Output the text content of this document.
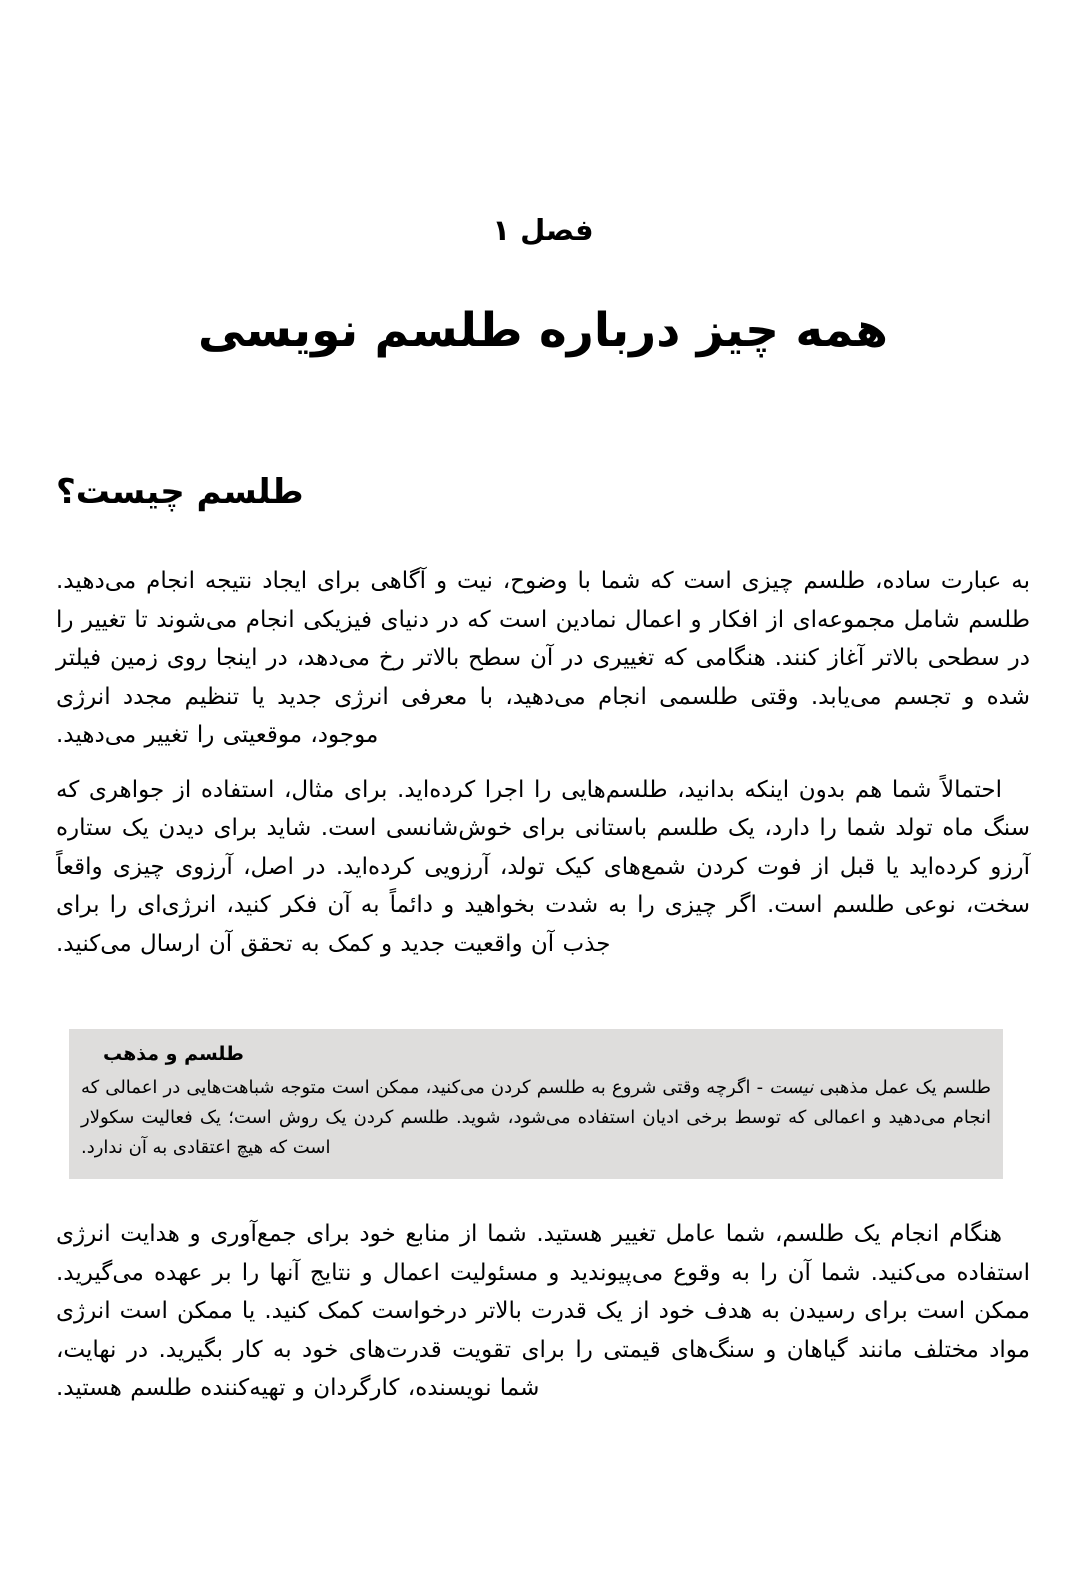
فصل ۱
همه چیز درباره طلسم نویسی
طلسم چیست؟

به عبارت ساده، طلسم چیزی است که شما با وضوح، نیت و آگاهی برای ایجاد نتیجه انجام می‌دهید. طلسم شامل مجموعه‌ای از افکار و اعمال نمادین است که در دنیای فیزیکی انجام می‌شوند تا تغییر را در سطحی بالاتر آغاز کنند. هنگامی که تغییری در آن سطح بالاتر رخ می‌دهد، در اینجا روی زمین فیلتر شده و تجسم می‌یابد. وقتی طلسمی انجام می‌دهید، با معرفی انرژی جدید یا تنظیم مجدد انرژی موجود، موقعیتی را تغییر می‌دهید.

احتمالاً شما هم بدون اینکه بدانید، طلسم‌هایی را اجرا کرده‌اید. برای مثال، استفاده از جواهری که سنگ ماه تولد شما را دارد، یک طلسم باستانی برای خوش‌شانسی است. شاید برای دیدن یک ستاره آرزو کرده‌اید یا قبل از فوت کردن شمع‌های کیک تولد، آرزویی کرده‌اید. در اصل، آرزوی چیزی واقعاً سخت، نوعی طلسم است. اگر چیزی را به شدت بخواهید و دائماً به آن فکر کنید، انرژی‌ای را برای جذب آن واقعیت جدید و کمک به تحقق آن ارسال می‌کنید.

طلسم و مذهب
طلسم یک عمل مذهبی نیست - اگرچه وقتی شروع به طلسم کردن می‌کنید، ممکن است متوجه شباهت‌هایی در اعمالی که انجام می‌دهید و اعمالی که توسط برخی ادیان استفاده می‌شود، شوید. طلسم کردن یک روش است؛ یک فعالیت سکولار است که هیچ اعتقادی به آن ندارد.

هنگام انجام یک طلسم، شما عامل تغییر هستید. شما از منابع خود برای جمع‌آوری و هدایت انرژی استفاده می‌کنید. شما آن را به وقوع می‌پیوندید و مسئولیت اعمال و نتایج آنها را بر عهده می‌گیرید. ممکن است برای رسیدن به هدف خود از یک قدرت بالاتر درخواست کمک کنید. یا ممکن است انرژی مواد مختلف مانند گیاهان و سنگ‌های قیمتی را برای تقویت قدرت‌های خود به کار بگیرید. در نهایت، شما نویسنده، کارگردان و تهیه‌کننده طلسم هستید.
